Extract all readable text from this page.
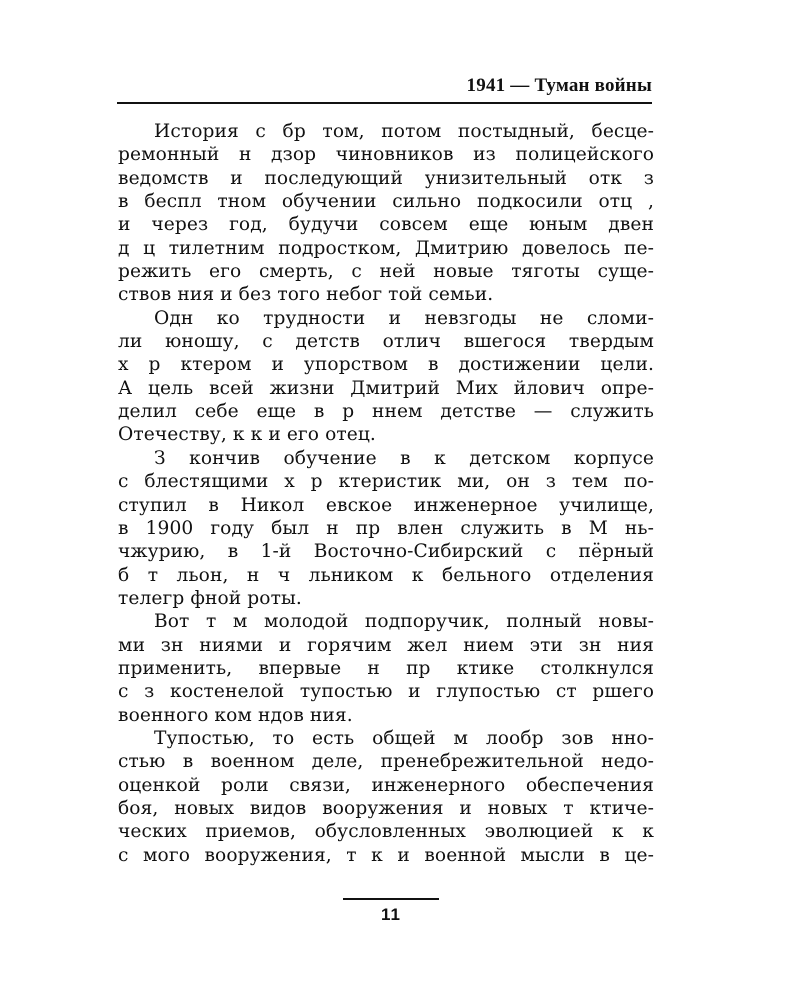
1941 — Туман войны
История с бр том, потом постыдный, бесце-
ремонный н дзор чиновников из полицейского
ведомств и последующий унизительный отк з
в беспл тном обучении сильно подкосили отц ,
и через год, будучи совсем еще юным двен
д ц тилетним подростком, Дмитрию довелось пе-
режить его смерть, с ней новые тяготы суще-
ствов ния и без того небог той семьи.
Одн ко трудности и невзгоды не сломи-
ли юношу, с детств отлич вшегося твердым
х р ктером и упорством в достижении цели.
А цель всей жизни Дмитрий Мих йлович опре-
делил себе еще в р ннем детстве — служить
Отечеству, к к и его отец.
З кончив обучение в к детском корпусе
с блестящими х р ктеристик ми, он з тем по-
ступил в Никол евское инженерное училище,
в 1900 году был н пр влен служить в М нь-
чжурию, в 1-й Восточно-Сибирский с пёрный
б т льон, н ч льником к бельного отделения
телегр фной роты.
Вот т м молодой подпоручик, полный новы-
ми зн ниями и горячим жел нием эти зн ния
применить, впервые н пр ктике столкнулся
с з костенелой тупостью и глупостью ст ршего
военного ком ндов ния.
Тупостью, то есть общей м лообр зов нно-
стью в военном деле, пренебрежительной недо-
оценкой роли связи, инженерного обеспечения
боя, новых видов вооружения и новых т ктиче-
ческих приемов, обусловленных эволюцией к к
с мого вооружения, т к и военной мысли в це-
11
